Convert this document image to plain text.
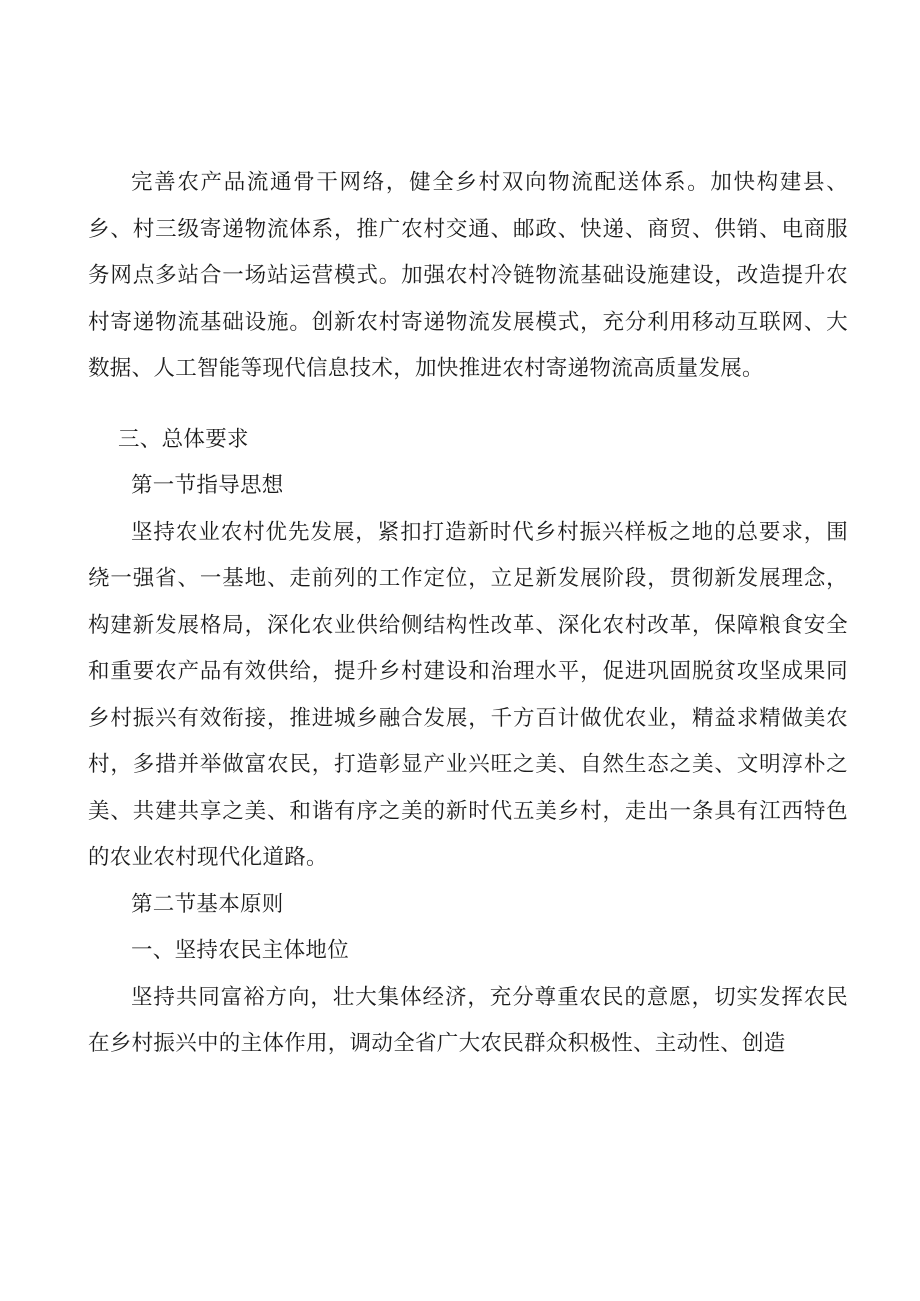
完善农产品流通骨干网络，健全乡村双向物流配送体系。加快构建县、乡、村三级寄递物流体系，推广农村交通、邮政、快递、商贸、供销、电商服务网点多站合一场站运营模式。加强农村冷链物流基础设施建设，改造提升农村寄递物流基础设施。创新农村寄递物流发展模式，充分利用移动互联网、大数据、人工智能等现代信息技术，加快推进农村寄递物流高质量发展。

三、总体要求

第一节指导思想

坚持农业农村优先发展，紧扣打造新时代乡村振兴样板之地的总要求，围绕一强省、一基地、走前列的工作定位，立足新发展阶段，贯彻新发展理念，构建新发展格局，深化农业供给侧结构性改革、深化农村改革，保障粮食安全和重要农产品有效供给，提升乡村建设和治理水平，促进巩固脱贫攻坚成果同乡村振兴有效衔接，推进城乡融合发展，千方百计做优农业，精益求精做美农村，多措并举做富农民，打造彰显产业兴旺之美、自然生态之美、文明淳朴之美、共建共享之美、和谐有序之美的新时代五美乡村，走出一条具有江西特色的农业农村现代化道路。

第二节基本原则

一、坚持农民主体地位

坚持共同富裕方向，壮大集体经济，充分尊重农民的意愿，切实发挥农民在乡村振兴中的主体作用，调动全省广大农民群众积极性、主动性、创造
